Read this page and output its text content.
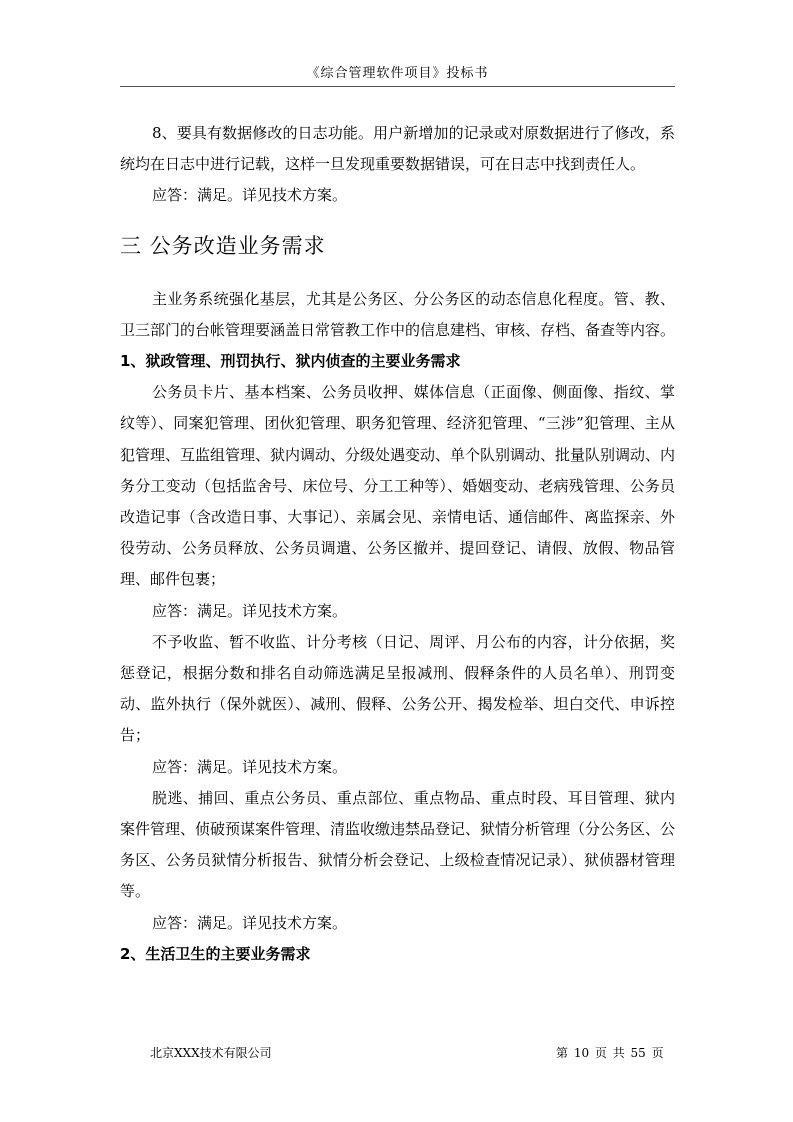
《综合管理软件项目》投标书

8、要具有数据修改的日志功能。用户新增加的记录或对原数据进行了修改，系统均在日志中进行记载，这样一旦发现重要数据错误，可在日志中找到责任人。

应答：满足。详见技术方案。

三 公务改造业务需求

主业务系统强化基层，尤其是公务区、分公务区的动态信息化程度。管、教、卫三部门的台帐管理要涵盖日常管教工作中的信息建档、审核、存档、备查等内容。

1、狱政管理、刑罚执行、狱内侦查的主要业务需求

公务员卡片、基本档案、公务员收押、媒体信息（正面像、侧面像、指纹、掌纹等）、同案犯管理、团伙犯管理、职务犯管理、经济犯管理、“三涉”犯管理、主从犯管理、互监组管理、狱内调动、分级处遇变动、单个队别调动、批量队别调动、内务分工变动（包括监舍号、床位号、分工工种等）、婚姻变动、老病残管理、公务员改造记事（含改造日事、大事记）、亲属会见、亲情电话、通信邮件、离监探亲、外役劳动、公务员释放、公务员调遣、公务区撤并、提回登记、请假、放假、物品管理、邮件包裹；

应答：满足。详见技术方案。

不予收监、暂不收监、计分考核（日记、周评、月公布的内容，计分依据，奖惩登记，根据分数和排名自动筛选满足呈报减刑、假释条件的人员名单）、刑罚变动、监外执行（保外就医）、减刑、假释、公务公开、揭发检举、坦白交代、申诉控告；

应答：满足。详见技术方案。

脱逃、捕回、重点公务员、重点部位、重点物品、重点时段、耳目管理、狱内案件管理、侦破预谋案件管理、清监收缴违禁品登记、狱情分析管理（分公务区、公务区、公务员狱情分析报告、狱情分析会登记、上级检查情况记录）、狱侦器材管理等。

应答：满足。详见技术方案。

2、生活卫生的主要业务需求

北京XXX技术有限公司	第 10 页 共 55 页
